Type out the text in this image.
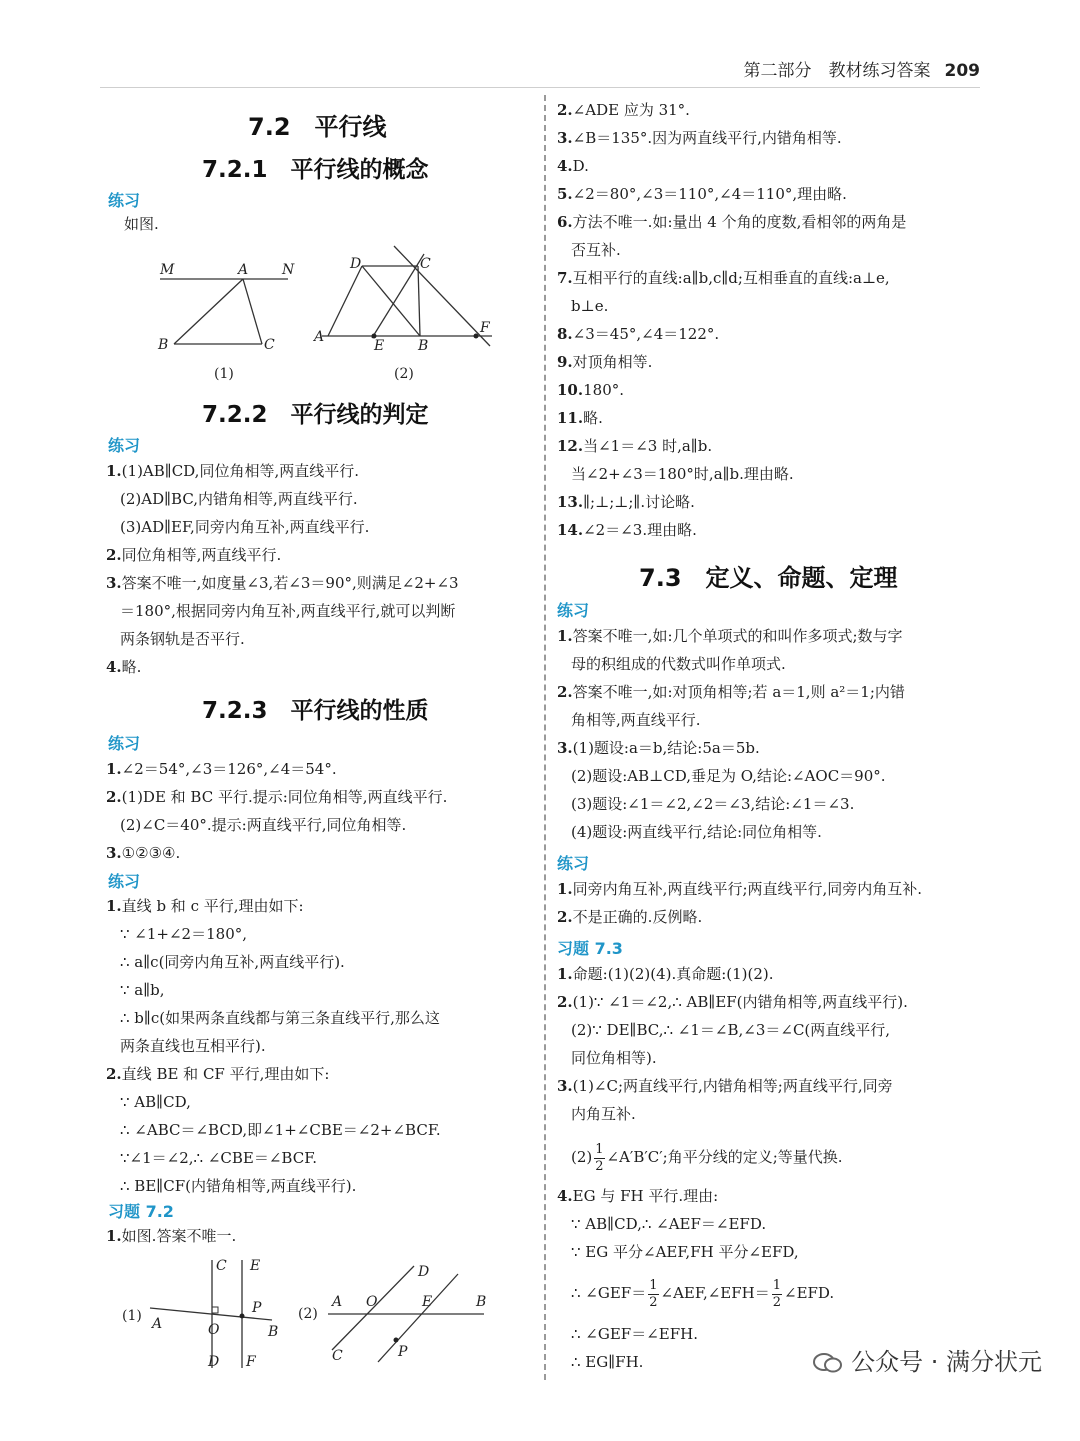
第二部分　教材练习答案 209
7.2　平行线
7.2.1　平行线的概念
练习
如图.
M	A N
B	C
(1)
D	C
A
E B
F
(2)
7.2.2　平行线的判定
练习
1.(1)AB∥CD,同位角相等,两直线平行.
(2)AD∥BC,内错角相等,两直线平行.
(3)AD∥EF,同旁内角互补,两直线平行.
2.同位角相等,两直线平行.
3.答案不唯一,如度量∠3,若∠3＝90°,则满足∠2+∠3
＝180°,根据同旁内角互补,两直线平行,就可以判断
两条钢轨是否平行.
4.略.
7.2.3　平行线的性质
练习
1.∠2＝54°,∠3＝126°,∠4＝54°.
2.(1)DE 和 BC 平行.提示:同位角相等,两直线平行.
(2)∠C＝40°.提示:两直线平行,同位角相等.
3.①②③④.
练习
1.直线 b 和 c 平行,理由如下:
∵ ∠1+∠2＝180°,
∴ a∥c(同旁内角互补,两直线平行).
∵ a∥b,
∴ b∥c(如果两条直线都与第三条直线平行,那么这
两条直线也互相平行).
2.直线 BE 和 CF 平行,理由如下:
∵ AB∥CD,
∴ ∠ABC＝∠BCD,即∠1+∠CBE＝∠2+∠BCF.
∵∠1＝∠2,∴ ∠CBE＝∠BCF.
∴ BE∥CF(内错角相等,两直线平行).
习题 7.2
1.如图.答案不唯一.
(1) A	O	B
C
D
E
F
P	(2)
A O	E	B
D
C	P
2.∠ADE 应为 31°.
3.∠B＝135°.因为两直线平行,内错角相等.
4.D.
5.∠2＝80°,∠3＝110°,∠4＝110°,理由略.
6.方法不唯一.如:量出 4 个角的度数,看相邻的两角是
否互补.
7.互相平行的直线:a∥b,c∥d;互相垂直的直线:a⊥e,
b⊥e.
8.∠3＝45°,∠4＝122°.
9.对顶角相等.
10.180°.
11.略.
12.当∠1＝∠3 时,a∥b.
当∠2+∠3＝180°时,a∥b.理由略.
13.∥;⊥;⊥;∥.讨论略.
14.∠2＝∠3.理由略.
7.3　定义、命题、定理
练习
1.答案不唯一,如:几个单项式的和叫作多项式;数与字
母的积组成的代数式叫作单项式.
2.答案不唯一,如:对顶角相等;若 a＝1,则 a²＝1;内错
角相等,两直线平行.
3.(1)题设:a＝b,结论:5a＝5b.
(2)题设:AB⊥CD,垂足为 O,结论:∠AOC＝90°.
(3)题设:∠1＝∠2,∠2＝∠3,结论:∠1＝∠3.
(4)题设:两直线平行,结论:同位角相等.
练习
1.同旁内角互补,两直线平行;两直线平行,同旁内角互补.
2.不是正确的.反例略.
习题 7.3
1.命题:(1)(2)(4).真命题:(1)(2).
2.(1)∵ ∠1＝∠2,∴ AB∥EF(内错角相等,两直线平行).
(2)∵ DE∥BC,∴ ∠1＝∠B,∠3＝∠C(两直线平行,
同位角相等).
3.(1)∠C;两直线平行,内错角相等;两直线平行,同旁
内角互补.
$(2) \frac{1}{2}$ ∠A′B′C′;角平分线的定义;等量代换.
4.EG 与 FH 平行.理由:
∵ AB∥CD,∴ ∠AEF＝∠EFD.
∵ EG 平分∠AEF,FH 平分∠EFD,
∴ ∠GEF＝ $\frac{1}{2}$ ∠AEF,∠EFH＝ $\frac{1}{2}$ ∠EFD.
∴ ∠GEF＝∠EFH.
∴ EG∥FH.	公众号 · 满分状元
